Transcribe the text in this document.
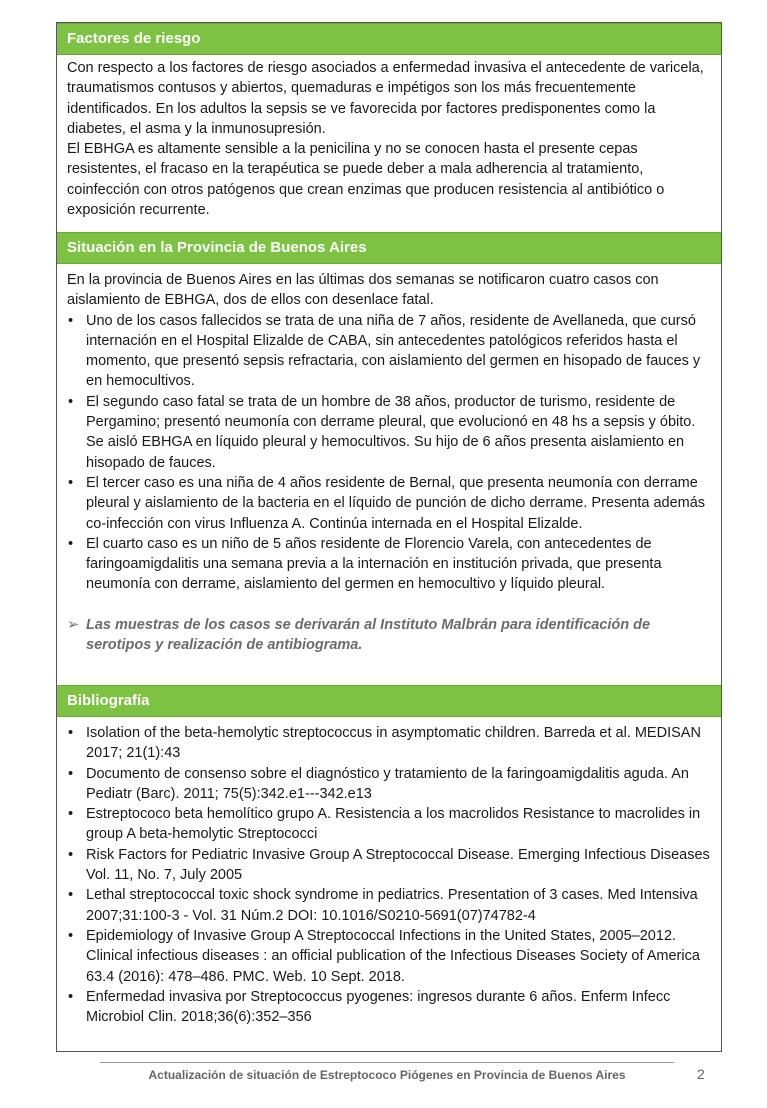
Factores de riesgo

Con respecto a los factores de riesgo asociados a enfermedad invasiva el antecedente de varicela, traumatismos contusos y abiertos, quemaduras e impétigos son los más frecuentemente identificados. En los adultos la sepsis se ve favorecida por factores predisponentes como la diabetes, el asma y la inmunosupresión.

El EBHGA es altamente sensible a la penicilina y no se conocen hasta el presente cepas resistentes, el fracaso en la terapéutica se puede deber a mala adherencia al tratamiento, coinfección con otros patógenos que crean enzimas que producen resistencia al antibiótico o exposición recurrente.

Situación en la Provincia de Buenos Aires

En la provincia de Buenos Aires en las últimas dos semanas se notificaron cuatro casos con aislamiento de EBHGA, dos de ellos con desenlace fatal.

• Uno de los casos fallecidos se trata de una niña de 7 años, residente de Avellaneda, que cursó internación en el Hospital Elizalde de CABA, sin antecedentes patológicos referidos hasta el momento, que presentó sepsis refractaria, con aislamiento del germen en hisopado de fauces y en hemocultivos.
• El segundo caso fatal se trata de un hombre de 38 años, productor de turismo, residente de Pergamino; presentó neumonía con derrame pleural, que evolucionó en 48 hs a sepsis y óbito. Se aisló EBHGA en líquido pleural y hemocultivos. Su hijo de 6 años presenta aislamiento en hisopado de fauces.
• El tercer caso es una niña de 4 años residente de Bernal, que presenta neumonía con derrame pleural y aislamiento de la bacteria en el líquido de punción de dicho derrame. Presenta además co-infección con virus Influenza A. Continúa internada en el Hospital Elizalde.
• El cuarto caso es un niño de 5 años residente de Florencio Varela, con antecedentes de faringoamigdalitis una semana previa a la internación en institución privada, que presenta neumonía con derrame, aislamiento del germen en hemocultivo y líquido pleural.
➢ Las muestras de los casos se derivarán al Instituto Malbrán para identificación de serotipos y realización de antibiograma.
Bibliografía
• Isolation of the beta-hemolytic streptococcus in asymptomatic children. Barreda et al. MEDISAN 2017; 21(1):43
• Documento de consenso sobre el diagnóstico y tratamiento de la faringoamigdalitis aguda. An Pediatr (Barc). 2011; 75(5):342.e1---342.e13
• Estreptococo beta hemolítico grupo A. Resistencia a los macrolidos Resistance to macrolides in group A beta-hemolytic Streptococci
• Risk Factors for Pediatric Invasive Group A Streptococcal Disease. Emerging Infectious Diseases Vol. 11, No. 7, July 2005
• Lethal streptococcal toxic shock syndrome in pediatrics. Presentation of 3 cases. Med Intensiva 2007;31:100-3 - Vol. 31 Núm.2 DOI: 10.1016/S0210-5691(07)74782-4
• Epidemiology of Invasive Group A Streptococcal Infections in the United States, 2005–2012. Clinical infectious diseases : an official publication of the Infectious Diseases Society of America 63.4 (2016): 478–486. PMC. Web. 10 Sept. 2018.
• Enfermedad invasiva por Streptococcus pyogenes: ingresos durante 6 años. Enferm Infecc Microbiol Clin. 2018;36(6):352–356
Actualización de situación de Estreptococo Piógenes en Provincia de Buenos Aires	2
